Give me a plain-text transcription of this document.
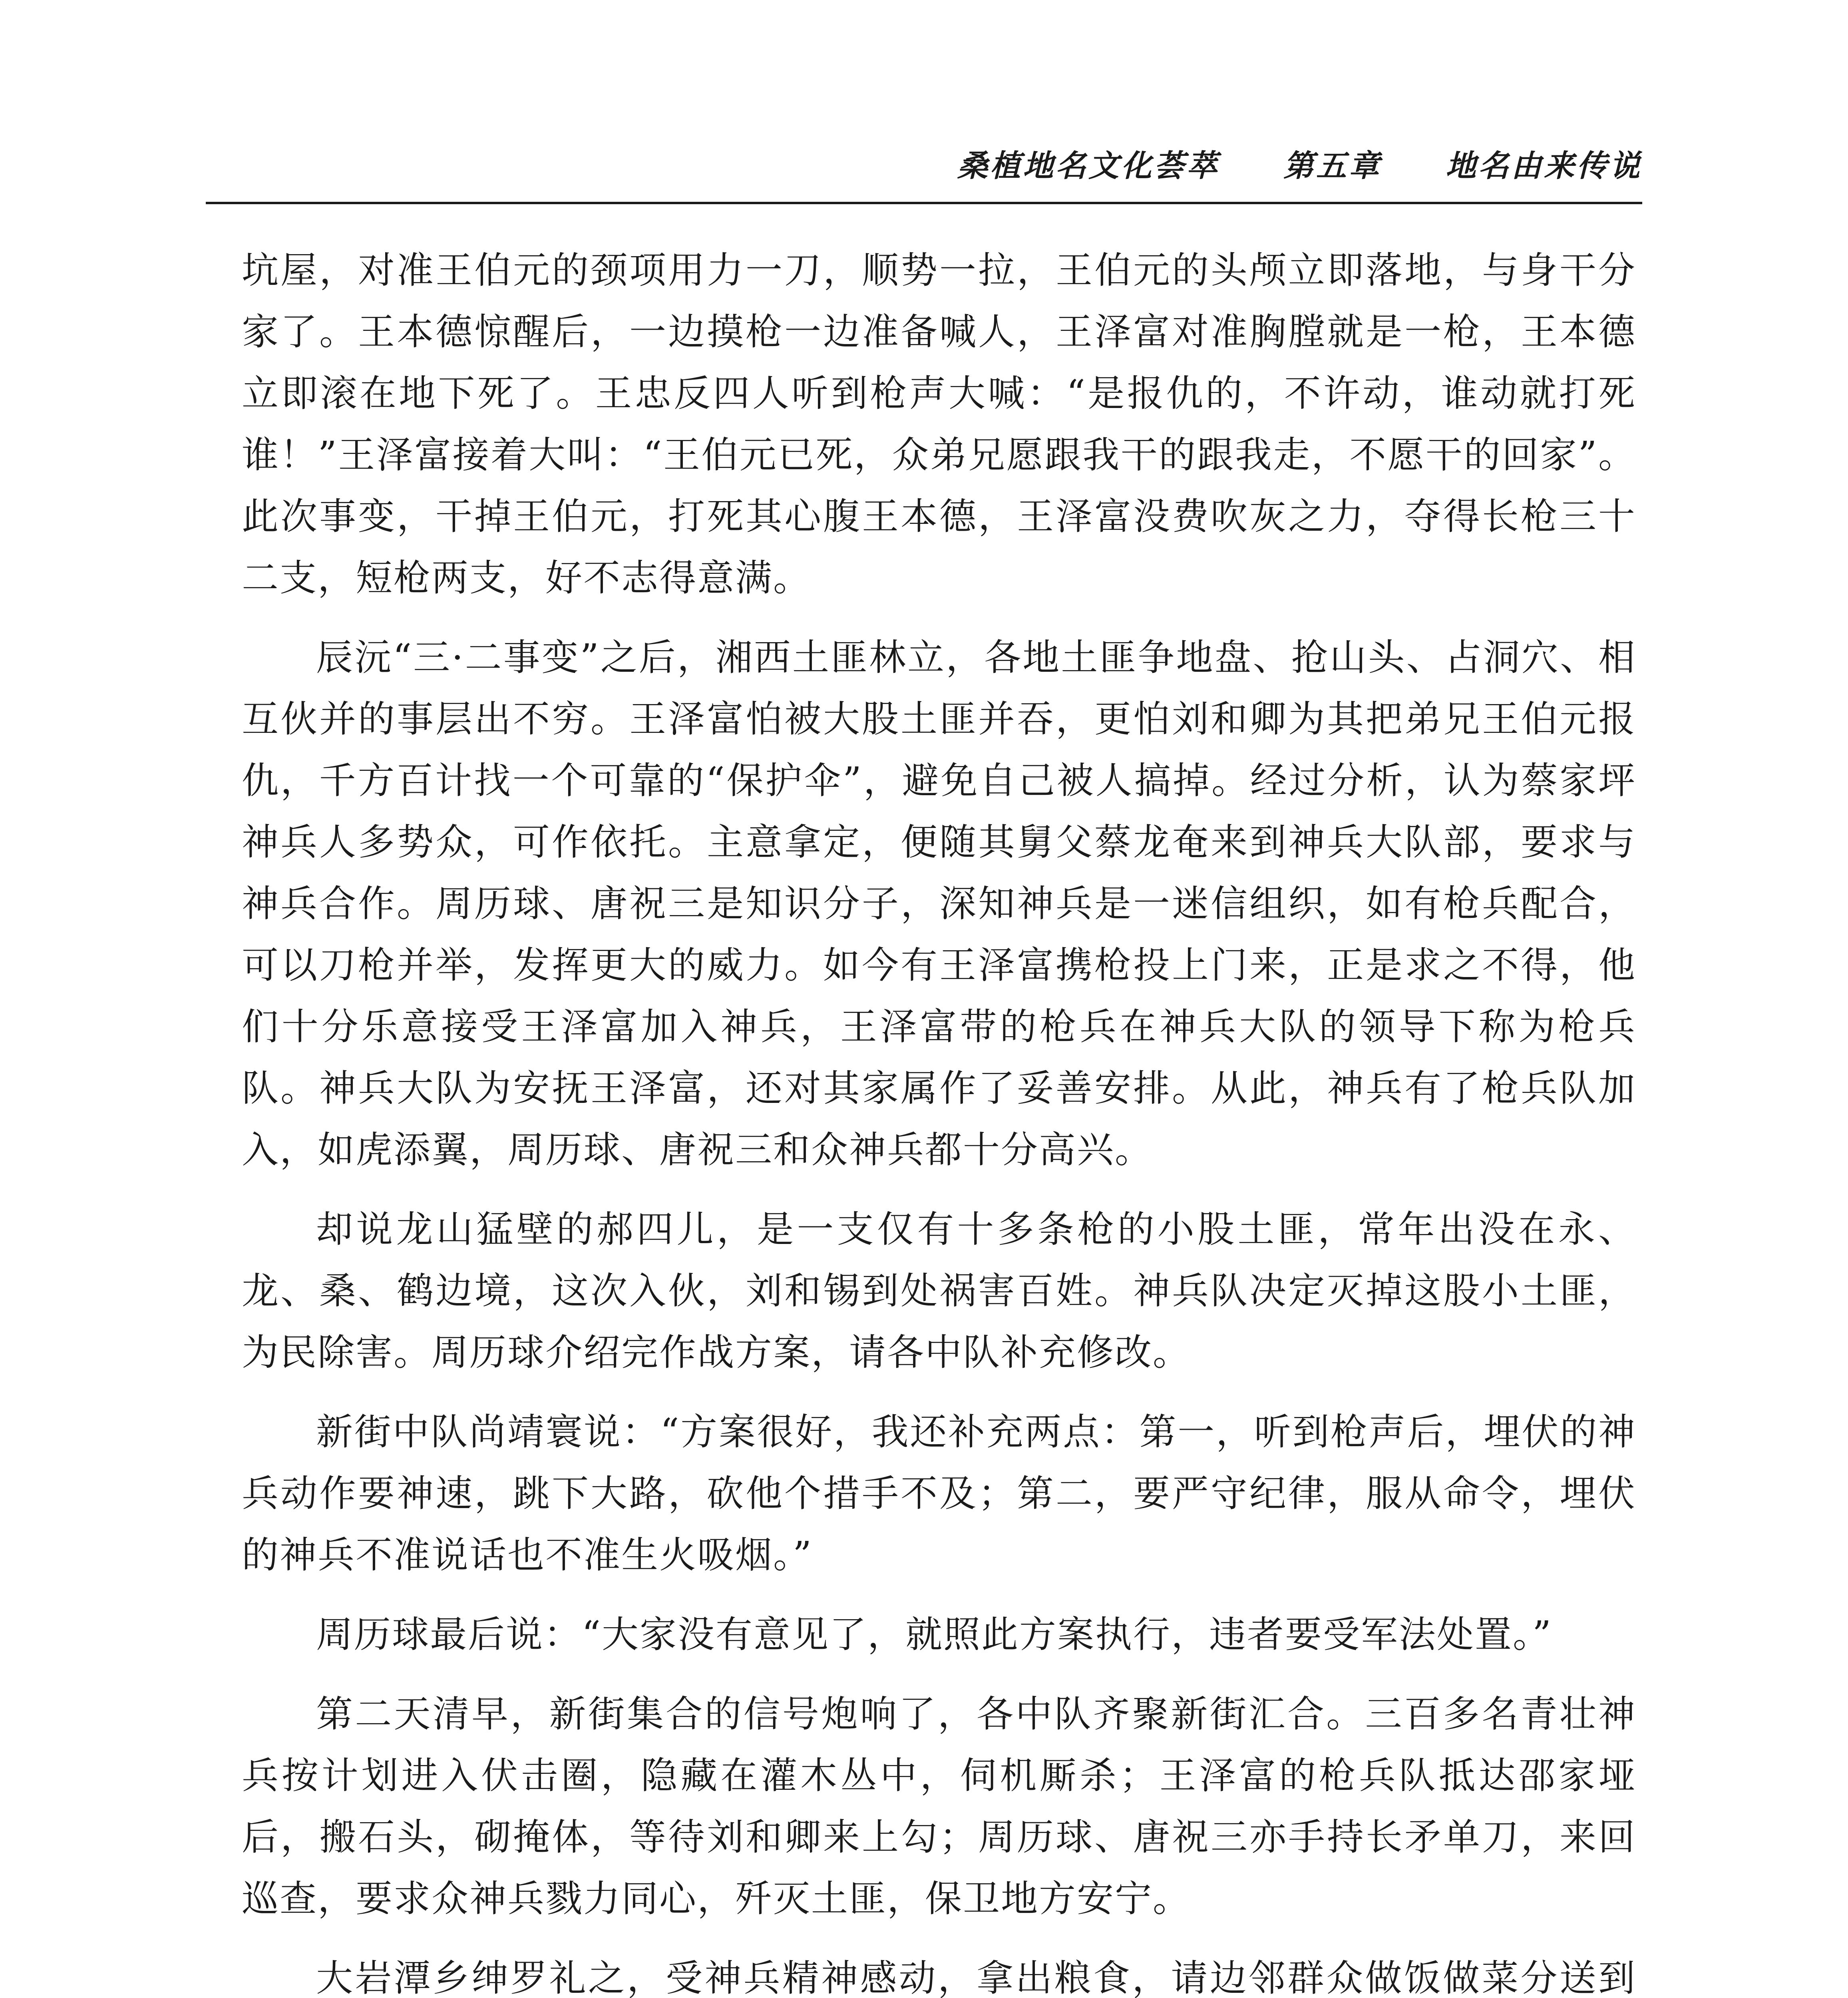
桑植地名文化荟萃 第五章 地名由来传说

坑屋，对准王伯元的颈项用力一刀，顺势一拉，王伯元的头颅立即落地，与身干分家了。王本德惊醒后，一边摸枪一边准备喊人，王泽富对准胸膛就是一枪，王本德立即滚在地下死了。王忠反四人听到枪声大喊：“是报仇的，不许动，谁动就打死谁！”王泽富接着大叫：“王伯元已死，众弟兄愿跟我干的跟我走，不愿干的回家”。此次事变，干掉王伯元，打死其心腹王本德，王泽富没费吹灰之力，夺得长枪三十二支，短枪两支，好不志得意满。

辰沅“三·二事变”之后，湘西土匪林立，各地土匪争地盘、抢山头、占洞穴、相互伙并的事层出不穷。王泽富怕被大股土匪并吞，更怕刘和卿为其把弟兄王伯元报仇，千方百计找一个可靠的“保护伞”，避免自己被人搞掉。经过分析，认为蔡家坪神兵人多势众，可作依托。主意拿定，便随其舅父蔡龙奄来到神兵大队部，要求与神兵合作。周历球、唐祝三是知识分子，深知神兵是一迷信组织，如有枪兵配合，可以刀枪并举，发挥更大的威力。如今有王泽富携枪投上门来，正是求之不得，他们十分乐意接受王泽富加入神兵，王泽富带的枪兵在神兵大队的领导下称为枪兵队。神兵大队为安抚王泽富，还对其家属作了妥善安排。从此，神兵有了枪兵队加入，如虎添翼，周历球、唐祝三和众神兵都十分高兴。

却说龙山猛壁的郝四儿，是一支仅有十多条枪的小股土匪，常年出没在永、龙、桑、鹤边境，这次入伙，刘和锡到处祸害百姓。神兵队决定灭掉这股小土匪，为民除害。周历球介绍完作战方案，请各中队补充修改。

新街中队尚靖寰说：“方案很好，我还补充两点：第一，听到枪声后，埋伏的神兵动作要神速，跳下大路，砍他个措手不及；第二，要严守纪律，服从命令，埋伏的神兵不准说话也不准生火吸烟。”

周历球最后说：“大家没有意见了，就照此方案执行，违者要受军法处置。”

第二天清早，新街集合的信号炮响了，各中队齐聚新街汇合。三百多名青壮神兵按计划进入伏击圈，隐藏在灌木丛中，伺机厮杀；王泽富的枪兵队抵达邵家垭后，搬石头，砌掩体，等待刘和卿来上勾；周历球、唐祝三亦手持长矛单刀，来回巡查，要求众神兵戮力同心，歼灭土匪，保卫地方安宁。

大岩潭乡绅罗礼之，受神兵精神感动，拿出粮食，请边邻群众做饭做菜分送到
